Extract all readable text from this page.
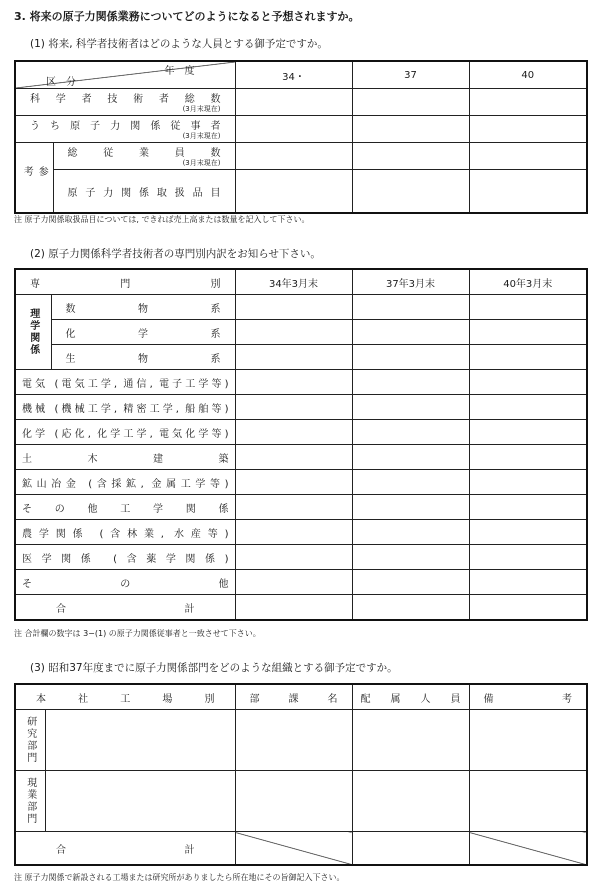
3. 将来の原子力関係業務についてどのようになると予想されますか。
(1) 将来, 科学者技術者はどのような人員とする御予定ですか。
年　度
区　分		34・	37	40

科学者技術者総数
(3月末現在)				

うち原子力関係従事者
(3月末現在)				

参　考	総　従　業　員　数
(3月末現在)			

	原子力関係取扱品目			

注 原子力関係取扱品目については, できれば売上高または数量を記入して下さい。
(2) 原子力関係科学者技術者の専門別内訳をお知らせ下さい。
専　　門　　別		34年3月末	37年3月末	40年3月末

理学関係	数　物　系			
	化　学　系			
	生　物　系			
電気 (電気工学, 通信, 電子工学等)				
機械 (機械工学, 精密工学, 船舶等)				
化学 (応化, 化学工学, 電気化学等)				
土　　木　　建　　築				
鉱山冶金 (含採鉱, 金属工学等)				
そ　の　他　工　学　関　係				
農学関係 (含林業, 水産等)				
医学関係 (含薬学関係)				
そ　　の　　他				
合　　　　計				
注 合計欄の数字は 3−(1) の原子力関係従事者と一致させて下さい。
(3) 昭和37年度までに原子力関係部門をどのような組織とする御予定ですか。
本　社　工　場　別		部　課　名	配　属　人　員	備　　　考

研究部門				

現業部門				

合　　　　計				
注 原子力関係で新設される工場または研究所がありましたら所在地にその旨御記入下さい。
